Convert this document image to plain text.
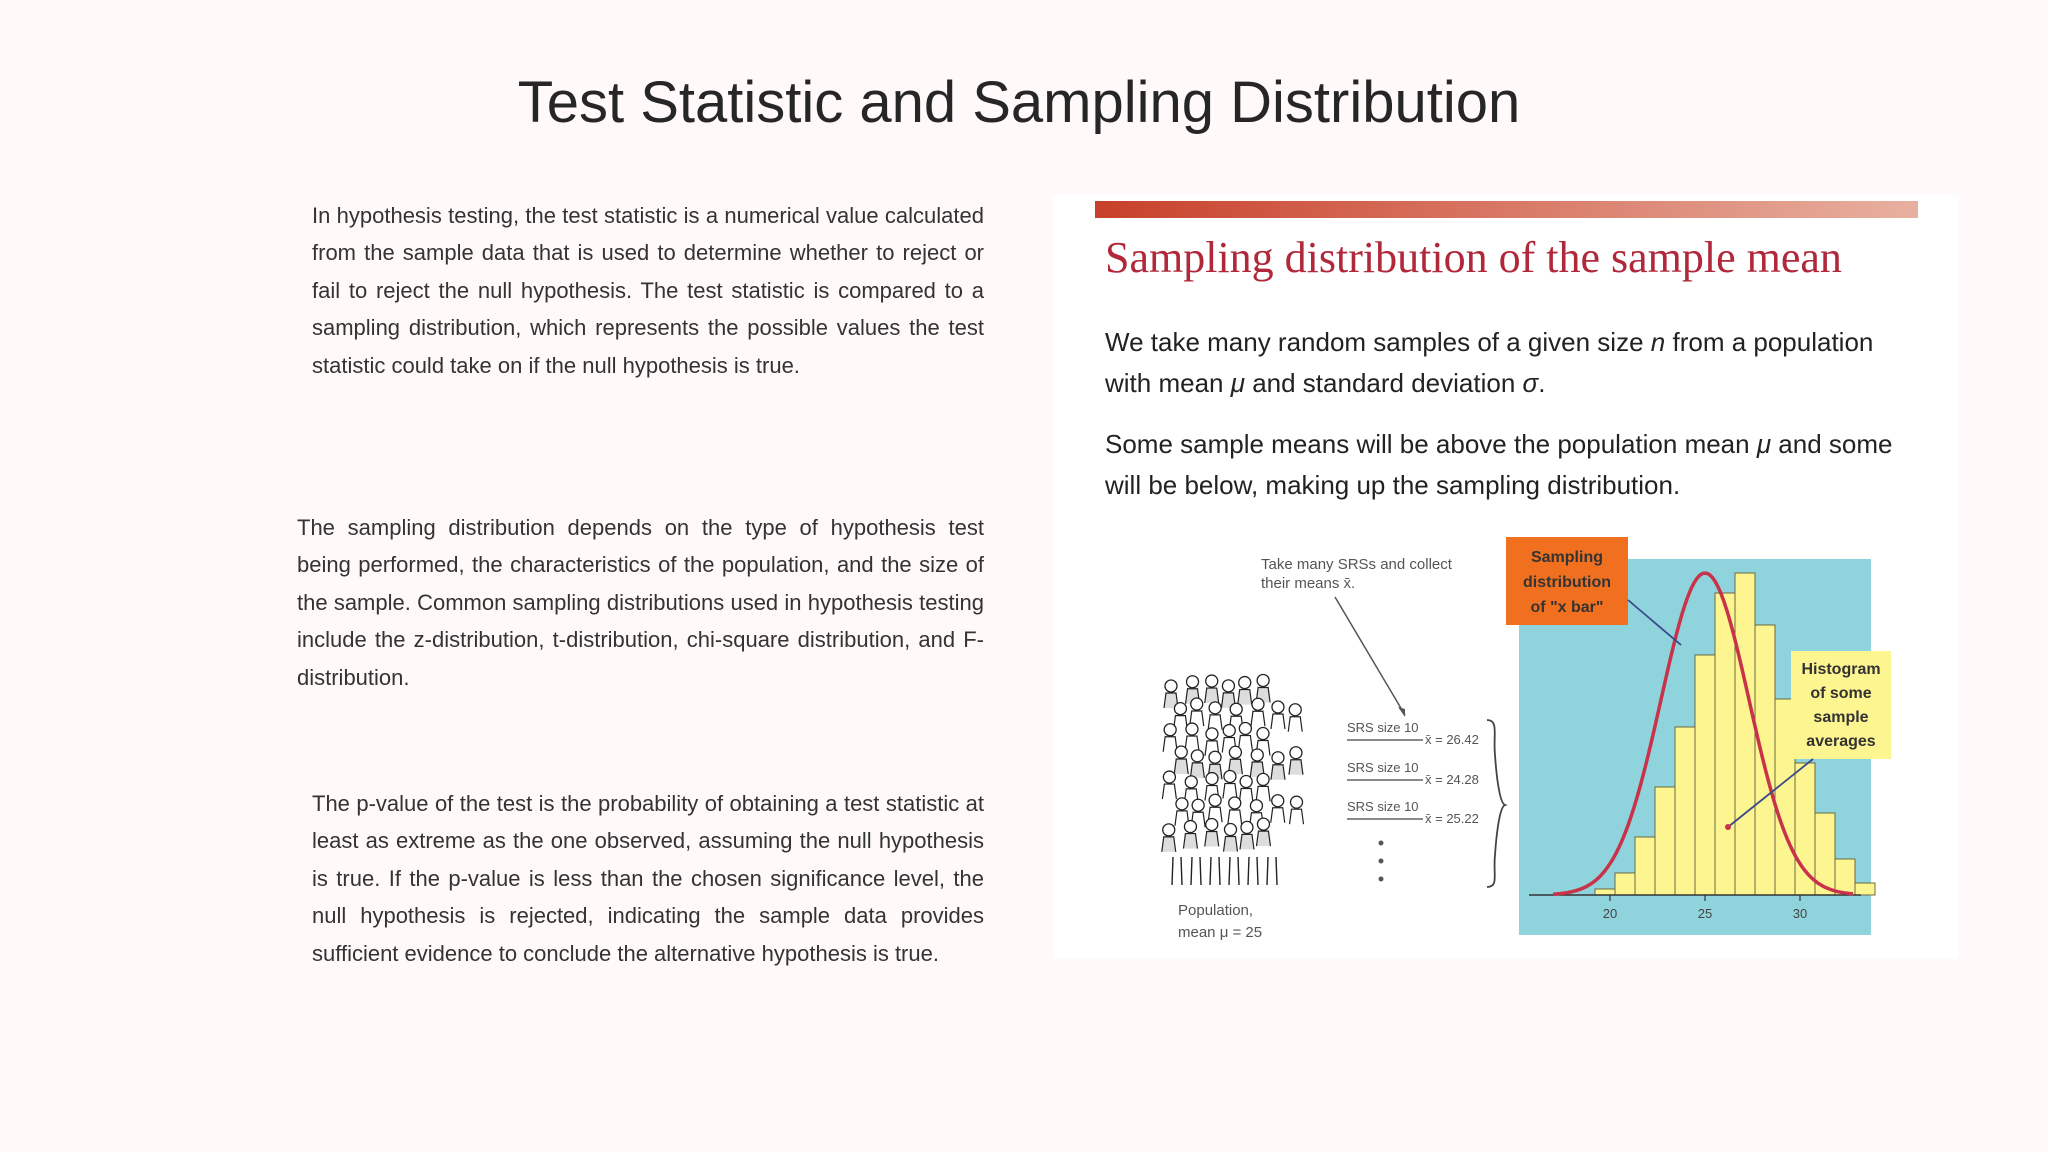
Test Statistic and Sampling Distribution

In hypothesis testing, the test statistic is a numerical value calculated from the sample data that is used to determine whether to reject or fail to reject the null hypothesis. The test statistic is compared to a sampling distribution, which represents the possible values the test statistic could take on if the null hypothesis is true.

The sampling distribution depends on the type of hypothesis test being performed, the characteristics of the population, and the size of the sample. Common sampling distributions used in hypothesis testing include the z-distribution, t-distribution, chi-square distribution, and F-distribution.

The p-value of the test is the probability of obtaining a test statistic at least as extreme as the one observed, assuming the null hypothesis is true. If the p-value is less than the chosen significance level, the null hypothesis is rejected, indicating the sample data provides sufficient evidence to conclude the alternative hypothesis is true.

Sampling distribution of the sample mean
We take many random samples of a given size n from a population
with mean μ and standard deviation σ.
Some sample means will be above the population mean μ and some
will be below, making up the sampling distribution.
Take many SRSs and collect
their means x̄.
SRS size 10
x̄ = 26.42
SRS size 10
x̄ = 24.28
SRS size 10
x̄ = 25.22
Population,
mean μ = 25
20	25	30
Sampling
distribution
of "x bar"
Histogram
of some
sample
averages
